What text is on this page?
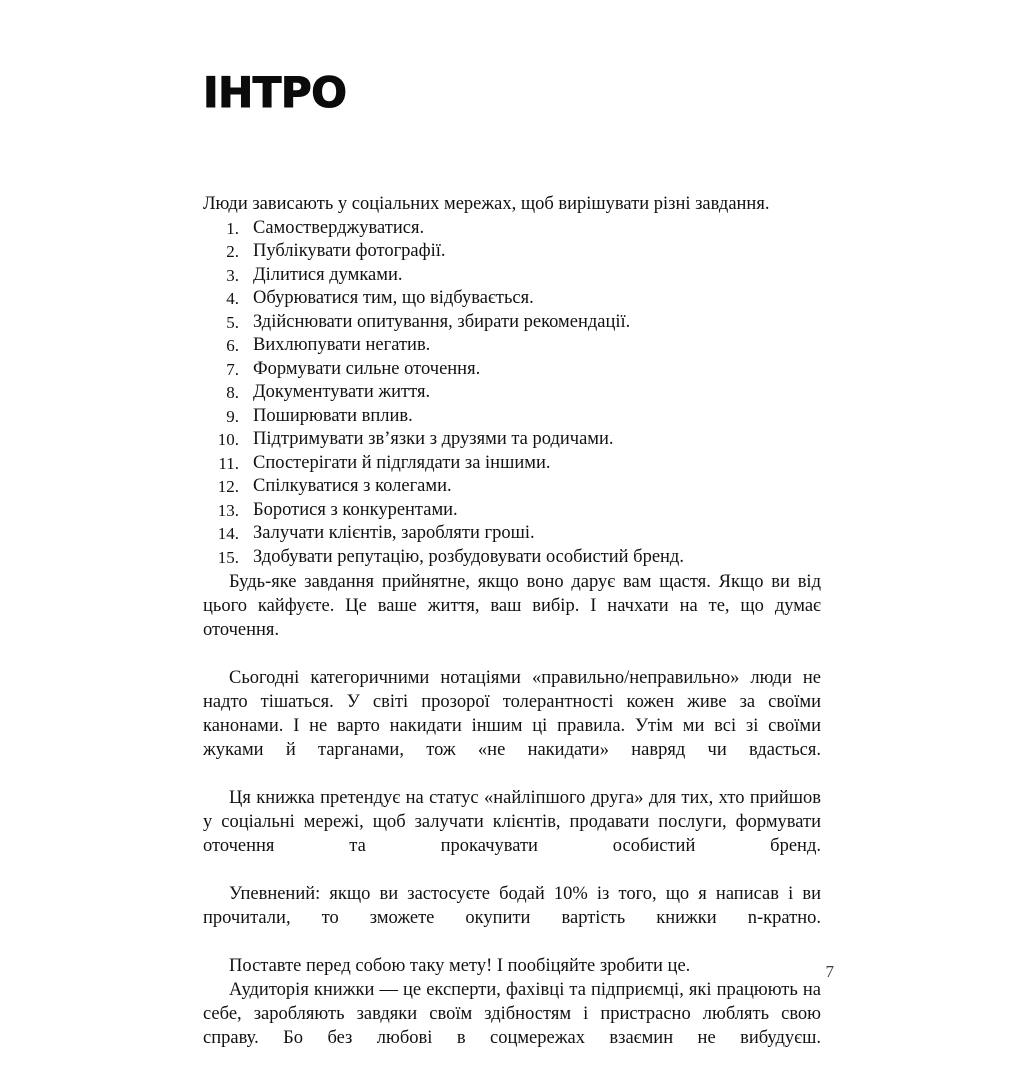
ІНТРО

Люди зависають у соціальних мережах, щоб вирішувати різні завдання.

1. Самостверджуватися.
2. Публікувати фотографії.
3. Ділитися думками.
4. Обурюватися тим, що відбувається.
5. Здійснювати опитування, збирати рекомендації.
6. Вихлюпувати негатив.
7. Формувати сильне оточення.
8. Документувати життя.
9. Поширювати вплив.
10. Підтримувати зв’язки з друзями та родичами.
11. Спостерігати й підглядати за іншими.
12. Спілкуватися з колегами.
13. Боротися з конкурентами.
14. Залучати клієнтів, заробляти гроші.
15. Здобувати репутацію, розбудовувати особистий бренд.

Будь-яке завдання прийнятне, якщо воно дарує вам щастя. Якщо ви від цього кайфуєте. Це ваше життя, ваш вибір. І начхати на те, що думає оточення.

Сьогодні категоричними нотаціями «правильно/неправильно» люди не надто тішаться. У світі прозорої толерантності кожен живе за своїми канонами. І не варто накидати іншим ці правила. Утім ми всі зі своїми жуками й тарганами, тож «не накидати» навряд чи вдасться.

Ця книжка претендує на статус «найліпшого друга» для тих, хто прийшов у соціальні мережі, щоб залучати клієнтів, продавати послуги, формувати оточення та прокачувати особистий бренд.

Упевнений: якщо ви застосуєте бодай 10% із того, що я написав і ви прочитали, то зможете окупити вартість книжки n-кратно.

Поставте перед собою таку мету! І пообіцяйте зробити це.

Аудиторія книжки — це експерти, фахівці та підприємці, які працюють на себе, заробляють завдяки своїм здібностям і пристрасно люблять свою справу. Бо без любові в соцмережах взаємин не вибудуєш.

7
